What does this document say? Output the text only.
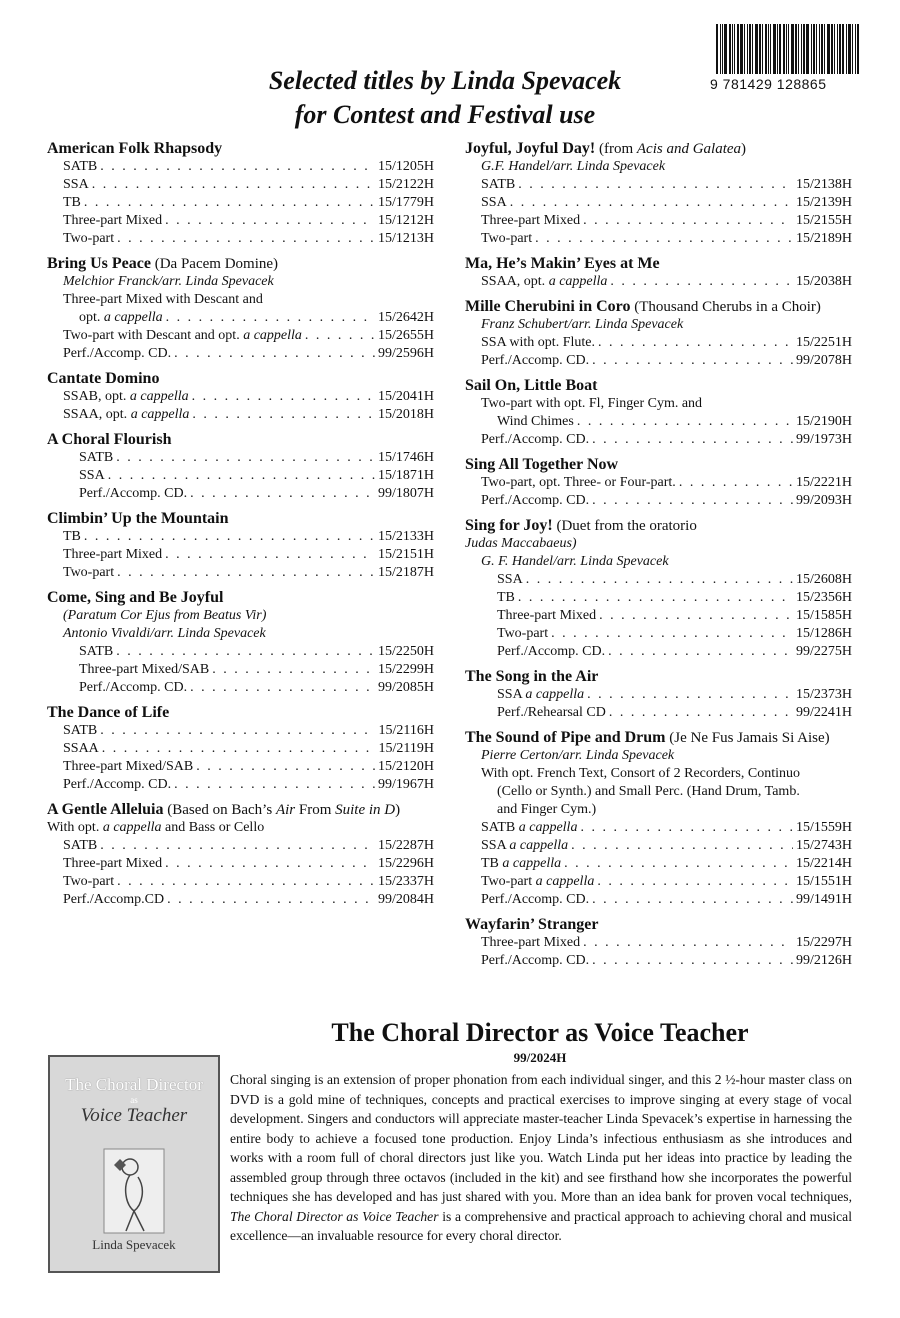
9 781429 128865
Selected titles by Linda Spevacek
for Contest and Festival use
American Folk Rhapsody
SATB . . .	15/1205H
SSA . . .	15/2122H
TB . . .	15/1779H
Three-part Mixed . . .	15/1212H
Two-part . . .	15/1213H
Bring Us Peace (Da Pacem Domine)
Melchior Franck/arr. Linda Spevacek
Three-part Mixed with Descant and
opt. a cappella . . .	15/2642H
Two-part with Descant and opt. a cappella . . .	15/2655H
Perf./Accomp. CD. . . .	99/2596H
Cantate Domino
SSAB, opt. a cappella . . .	15/2041H
SSAA, opt. a cappella . . .	15/2018H
A Choral Flourish
SATB . . .	15/1746H
SSA . . .	15/1871H
Perf./Accomp. CD. . . .	99/1807H
Climbin’ Up the Mountain
TB . . .	15/2133H
Three-part Mixed . . .	15/2151H
Two-part . . .	15/2187H
Come, Sing and Be Joyful
(Paratum Cor Ejus from Beatus Vir)
Antonio Vivaldi/arr. Linda Spevacek
SATB . . .	15/2250H
Three-part Mixed/SAB . . .	15/2299H
Perf./Accomp. CD. . . .	99/2085H
The Dance of Life
SATB . . .	15/2116H
SSAA . . .	15/2119H
Three-part Mixed/SAB . . .	15/2120H
Perf./Accomp. CD. . . .	99/1967H
A Gentle Alleluia (Based on Bach’s Air From Suite in D)
With opt. a cappella and Bass or Cello
SATB . . .	15/2287H
Three-part Mixed . . .	15/2296H
Two-part . . .	15/2337H
Perf./Accomp.CD . . .	99/2084H
Joyful, Joyful Day! (from Acis and Galatea)
G.F. Handel/arr. Linda Spevacek
SATB . . .	15/2138H
SSA . . .	15/2139H
Three-part Mixed . . .	15/2155H
Two-part . . .	15/2189H
Ma, He’s Makin’ Eyes at Me
SSAA, opt. a cappella . . .	15/2038H
Mille Cherubini in Coro (Thousand Cherubs in a Choir)
Franz Schubert/arr. Linda Spevacek
SSA with opt. Flute. . . .	15/2251H
Perf./Accomp. CD. . . .	99/2078H
Sail On, Little Boat
Two-part with opt. Fl, Finger Cym. and
Wind Chimes . . .	15/2190H
Perf./Accomp. CD. . . .	99/1973H
Sing All Together Now
Two-part, opt. Three- or Four-part. . . .	15/2221H
Perf./Accomp. CD. . . .	99/2093H
Sing for Joy! (Duet from the oratorio
Judas Maccabaeus)
G. F. Handel/arr. Linda Spevacek
SSA . . .	15/2608H
TB . . .	15/2356H
Three-part Mixed . . .	15/1585H
Two-part . . .	15/1286H
Perf./Accomp. CD. . . .	99/2275H
The Song in the Air
SSA a cappella . . .	15/2373H
Perf./Rehearsal CD . . .	99/2241H
The Sound of Pipe and Drum (Je Ne Fus Jamais Si Aise)
Pierre Certon/arr. Linda Spevacek
With opt. French Text, Consort of 2 Recorders, Continuo
(Cello or Synth.) and Small Perc. (Hand Drum, Tamb.
and Finger Cym.)
SATB a cappella . . .	15/1559H
SSA a cappella . . .	15/2743H
TB a cappella . . .	15/2214H
Two-part a cappella . . .	15/1551H
Perf./Accomp. CD. . . .	99/1491H
Wayfarin’ Stranger
Three-part Mixed . . .	15/2297H
Perf./Accomp. CD. . . .	99/2126H
The Choral Director
as
Voice Teacher
Linda Spevacek
The Choral Director as Voice Teacher
99/2024H
Choral singing is an extension of proper phonation from each individual singer, and this 2 ½-hour master class on DVD is a gold mine of techniques, concepts and practical exercises to improve singing at every stage of vocal development. Singers and conductors will appreciate master-teacher Linda Spevacek’s expertise in harnessing the entire body to achieve a focused tone production. Enjoy Linda’s infectious enthusiasm as she introduces and works with a room full of choral directors just like you. Watch Linda put her ideas into practice by leading the assembled group through three octavos (included in the kit) and see firsthand how she incorporates the powerful techniques she has developed and has just shared with you. More than an idea bank for proven vocal techniques, The Choral Director as Voice Teacher is a comprehensive and practical approach to achieving choral and musical excellence—an invaluable resource for every choral director.
